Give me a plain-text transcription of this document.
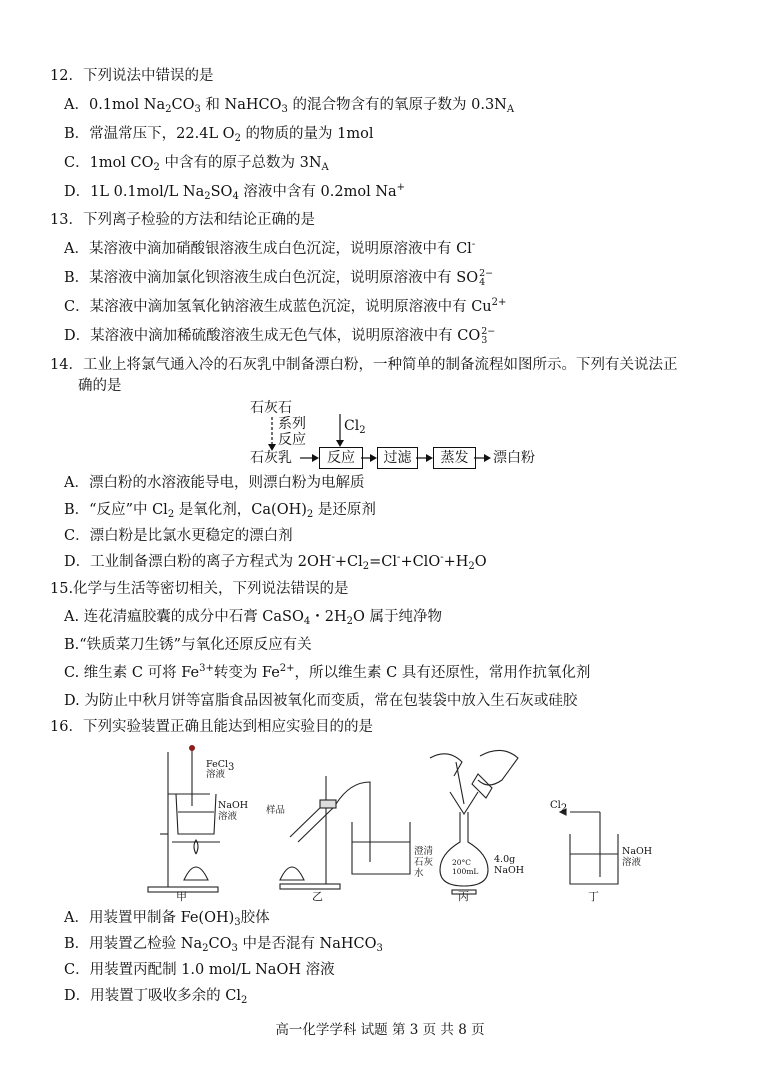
12．下列说法中错误的是
A．0.1mol $Na_2CO_3$ 和 NaHCO$_3$ 的混合物含有的氧原子数为 $0.3N_A$
B．常温常压下，22.4L $O_2$ 的物质的量为 1mol
C．1mol $CO_2$ 中含有的原子总数为 $3N_A$
D．1L 0.1mol/L $Na_2SO_4$ 溶液中含有 0.2mol Na+
13．下列离子检验的方法和结论正确的是
A．某溶液中滴加硝酸银溶液生成白色沉淀，说明原溶液中有 Cl-
B．某溶液中滴加氯化钡溶液生成白色沉淀，说明原溶液中有 SO 2−
4
C．某溶液中滴加氢氧化钠溶液生成蓝色沉淀，说明原溶液中有 $Cu^{2+}$
D．某溶液中滴加稀硫酸溶液生成无色气体，说明原溶液中有 CO 2−
3
14．工业上将氯气通入冷的石灰乳中制备漂白粉，一种简单的制备流程如图所示。下列有关说法正
确的是
石灰石
系列
反应
$Cl_2$
石灰乳	反应	过滤	蒸发	漂白粉
A．漂白粉的水溶液能导电，则漂白粉为电解质
B．“反应”中 $Cl_2$ 是氧化剂，$Ca(OH)_2$ 是还原剂
C．漂白粉是比氯水更稳定的漂白剂
D．工业制备漂白粉的离子方程式为 $2OH^-+Cl_2=Cl^-+ClO^-+H_2O$
15.化学与生活等密切相关，下列说法错误的是
A. 连花清瘟胶囊的成分中石膏 CaSO$_4$・$2H_2O$ 属于纯净物
B.“铁质菜刀生锈”与氧化还原反应有关
C. 维生素 C 可将 $Fe^{3+}$转变为 $Fe^{2+}$，所以维生素 C 具有还原性，常用作抗氧化剂
D. 为防止中秋月饼等富脂食品因被氧化而变质，常在包装袋中放入生石灰或硅胶
16．下列实验装置正确且能达到相应实验目的的是
FeCl$_3$
溶液
NaOH
溶液
样品
澄清
石灰
水
20°C
100mL
4.0g
NaOH
$Cl_2$
NaOH
溶液
甲	乙	丙	丁
A．用装置甲制备 $Fe(OH)_3$胶体
B．用装置乙检验 $Na_2CO_3$ 中是否混有 NaHCO$_3$
C．用装置丙配制 1.0 mol/L NaOH 溶液
D．用装置丁吸收多余的 $Cl_2$
高一化学学科 试题 第 3 页 共 8 页
